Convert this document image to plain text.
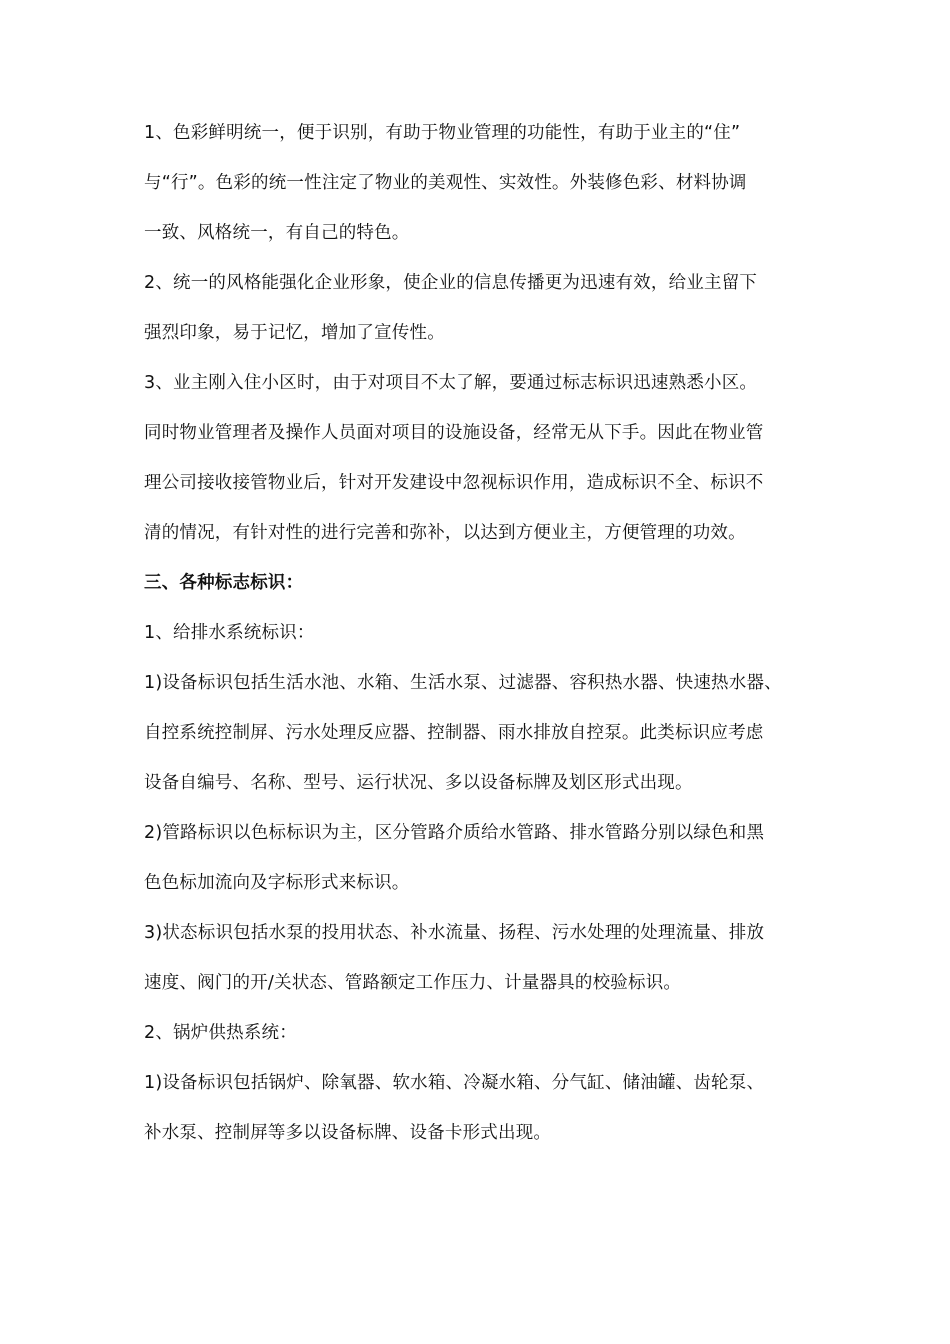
1、色彩鲜明统一，便于识别，有助于物业管理的功能性，有助于业主的“住”
与“行”。色彩的统一性注定了物业的美观性、实效性。外装修色彩、材料协调
一致、风格统一，有自己的特色。
2、统一的风格能强化企业形象，使企业的信息传播更为迅速有效，给业主留下
强烈印象，易于记忆，增加了宣传性。
3、业主刚入住小区时，由于对项目不太了解，要通过标志标识迅速熟悉小区。
同时物业管理者及操作人员面对项目的设施设备，经常无从下手。因此在物业管
理公司接收接管物业后，针对开发建设中忽视标识作用，造成标识不全、标识不
清的情况，有针对性的进行完善和弥补，以达到方便业主，方便管理的功效。
三、各种标志标识：
1、给排水系统标识：
1)设备标识包括生活水池、水箱、生活水泵、过滤器、容积热水器、快速热水器、
自控系统控制屏、污水处理反应器、控制器、雨水排放自控泵。此类标识应考虑
设备自编号、名称、型号、运行状况、多以设备标牌及划区形式出现。
2)管路标识以色标标识为主，区分管路介质给水管路、排水管路分别以绿色和黑
色色标加流向及字标形式来标识。
3)状态标识包括水泵的投用状态、补水流量、扬程、污水处理的处理流量、排放
速度、阀门的开/关状态、管路额定工作压力、计量器具的校验标识。
2、锅炉供热系统：
1)设备标识包括锅炉、除氧器、软水箱、冷凝水箱、分气缸、储油罐、齿轮泵、
补水泵、控制屏等多以设备标牌、设备卡形式出现。
